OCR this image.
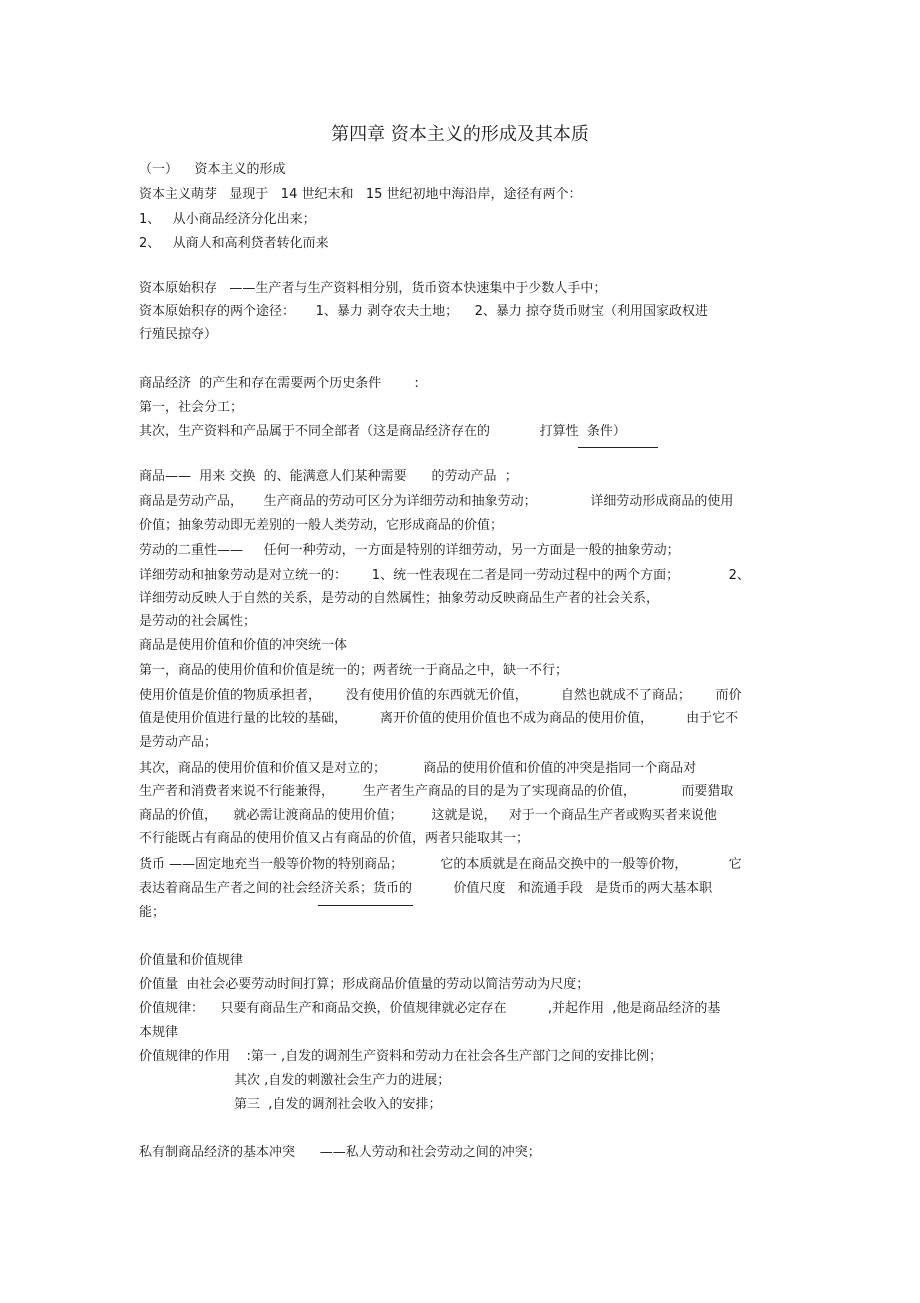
第四章 资本主义的形成及其本质
（一）    资本主义的形成
资本主义萌芽   显现于   14 世纪末和   15 世纪初地中海沿岸，途径有两个：
1、   从小商品经济分化出来；
2、   从商人和高利贷者转化而来
资本原始积存   ——生产者与生产资料相分别，货币资本快速集中于少数人手中；
资本原始积存的两个途径：     1、暴力 剥夺农夫土地；    2、暴力 掠夺货币财宝（利用国家政权进
行殖民掠夺）
商品经济  的产生和存在需要两个历史条件        :
第一，社会分工；
其次，生产资料和产品属于不同全部者（这是商品经济存在的            打算性  条件）
商品——  用来 交换  的、能满意人们某种需要      的劳动产品  ；
商品是劳动产品，     生产商品的劳动可区分为详细劳动和抽象劳动；             详细劳动形成商品的使用
价值；抽象劳动即无差别的一般人类劳动，它形成商品的价值；
劳动的二重性——     任何一种劳动，一方面是特别的详细劳动，另一方面是一般的抽象劳动；
详细劳动和抽象劳动是对立统一的：      1、统一性表现在二者是同一劳动过程中的两个方面；            2、
详细劳动反映人于自然的关系，是劳动的自然属性；抽象劳动反映商品生产者的社会关系，
是劳动的社会属性；
商品是使用价值和价值的冲突统一体
第一，商品的使用价值和价值是统一的；两者统一于商品之中，缺一不行；
使用价值是价值的物质承担者，      没有使用价值的东西就无价值，        自然也就成不了商品；      而价
值是使用价值进行量的比较的基础，        离开价值的使用价值也不成为商品的使用价值，        由于它不
是劳动产品；
其次，商品的使用价值和价值又是对立的；         商品的使用价值和价值的冲突是指同一个商品对
生产者和消费者来说不行能兼得，       生产者生产商品的目的是为了实现商品的价值，           而要猎取
商品的价值，    就必需让渡商品的使用价值；       这就是说，   对于一个商品生产者或购买者来说他
不行能既占有商品的使用价值又占有商品的价值，两者只能取其一；
货币 ——固定地充当一般等价物的特别商品；         它的本质就是在商品交换中的一般等价物，          它
表达着商品生产者之间的社会经济关系；货币的          价值尺度   和流通手段   是货币的两大基本职
能；
价值量和价值规律
价值量  由社会必要劳动时间打算；形成商品价值量的劳动以简洁劳动为尺度；
价值规律：    只要有商品生产和商品交换，价值规律就必定存在          ,并起作用  ,他是商品经济的基
本规律
价值规律的作用    :第一 ,自发的调剂生产资料和劳动力在社会各生产部门之间的安排比例；
其次 ,自发的刺激社会生产力的进展；
第三  ,自发的调剂社会收入的安排；
私有制商品经济的基本冲突      ——私人劳动和社会劳动之间的冲突；
